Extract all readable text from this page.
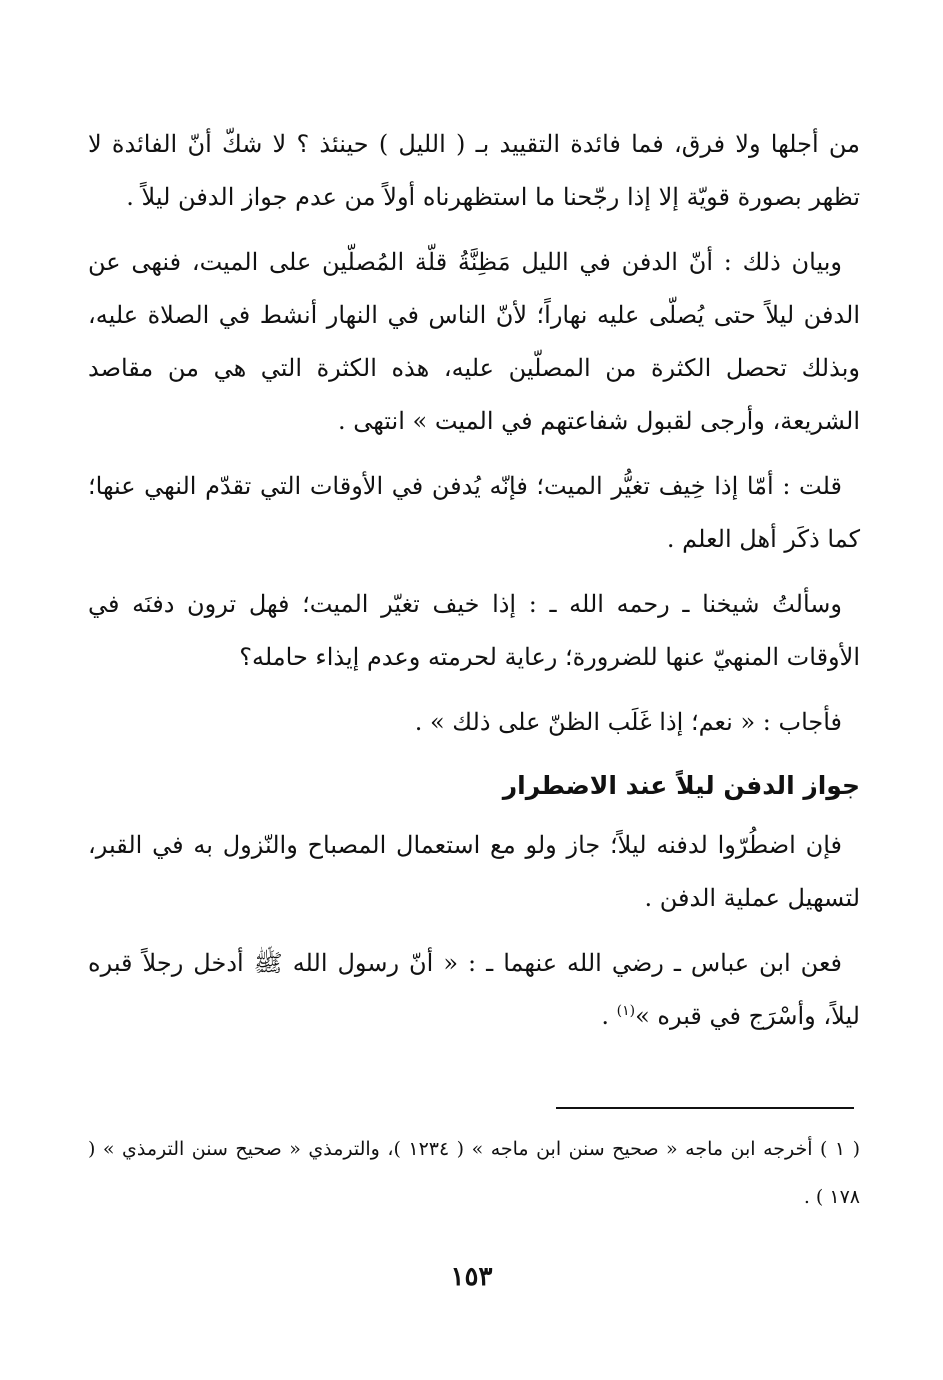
من أجلها ولا فرق، فما فائدة التقييد بـ ( الليل ) حينئذ ؟ لا شكّ أنّ الفائدة لا تظهر بصورة قويّة إلا إذا رجّحنا ما استظهرناه أولاً من عدم جواز الدفن ليلاً .

وبيان ذلك : أنّ الدفن في الليل مَظِنَّةُ قلّة المُصلّين على الميت، فنهى عن الدفن ليلاً حتى يُصلّى عليه نهاراً؛ لأنّ الناس في النهار أنشط في الصلاة عليه، وبذلك تحصل الكثرة من المصلّين عليه، هذه الكثرة التي هي من مقاصد الشريعة، وأرجى لقبول شفاعتهم في الميت » انتهى .

قلت : أمّا إذا خِيف تغيُّر الميت؛ فإنّه يُدفن في الأوقات التي تقدّم النهي عنها؛ كما ذكَر أهل العلم .

وسألتُ شيخنا ـ رحمه الله ـ : إذا خيف تغيّر الميت؛ فهل ترون دفنَه في الأوقات المنهيّ عنها للضرورة؛ رعاية لحرمته وعدم إيذاء حامله؟

فأجاب : « نعم؛ إذا غَلَب الظنّ على ذلك » .

جواز الدفن ليلاً عند الاضطرار

فإن اضطُرّوا لدفنه ليلاً؛ جاز ولو مع استعمال المصباح والنّزول به في القبر، لتسهيل عملية الدفن .

فعن ابن عباس ـ رضي الله عنهما ـ : « أنّ رسول الله ﷺ أدخل رجلاً قبره ليلاً، وأسْرَج في قبره »$^{(١)}$ .

( ١ ) أخرجه ابن ماجه « صحيح سنن ابن ماجه » ( ١٢٣٤ )، والترمذي « صحيح سنن الترمذي » ( ١٧٨ ) .
١٥٣
